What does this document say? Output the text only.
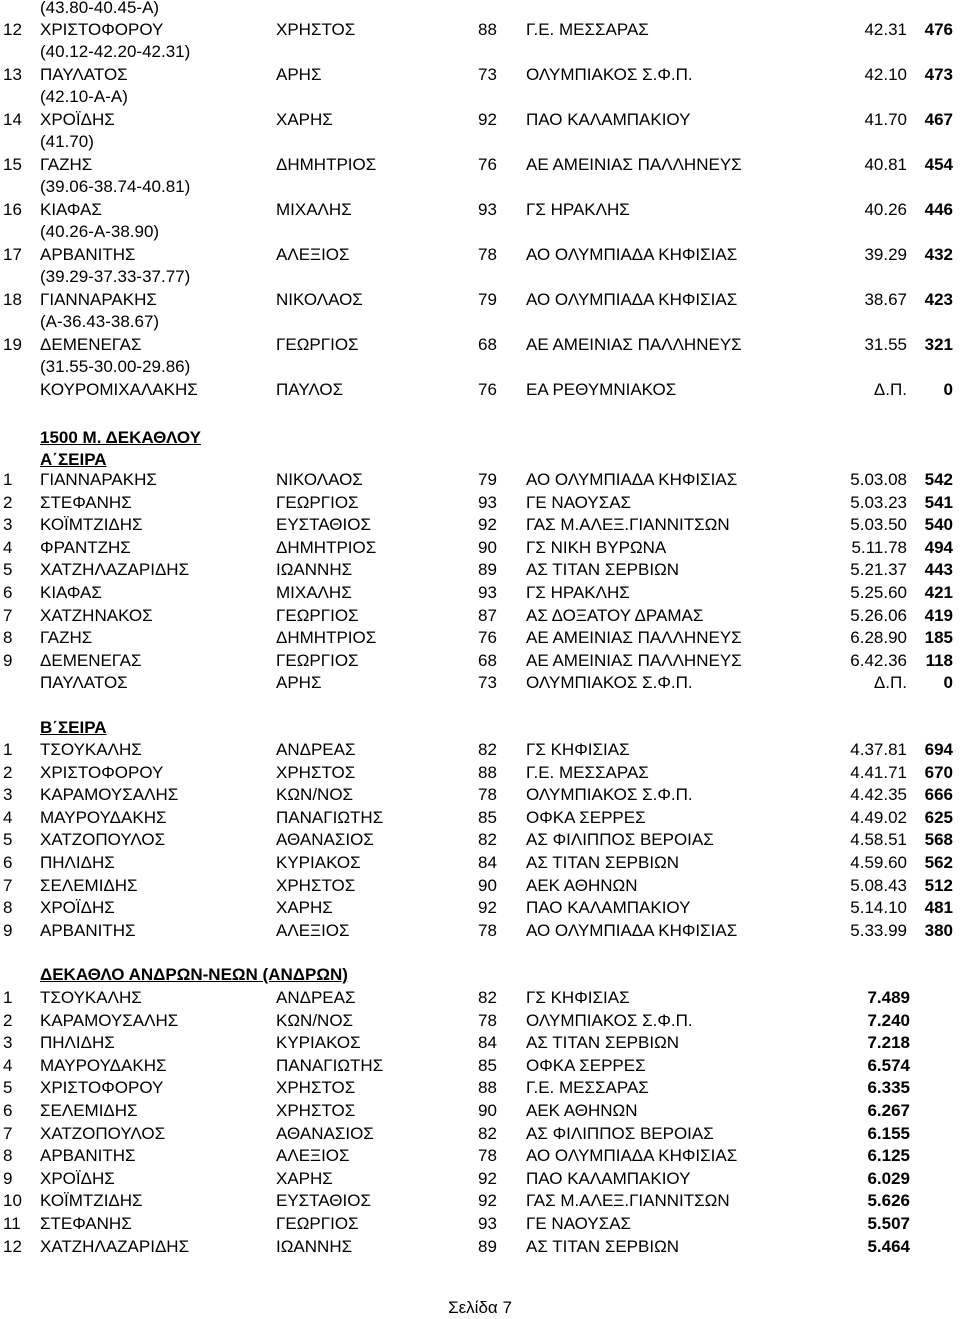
(43.80-40.45-Α)
12 ΧΡΙΣΤΟΦΟΡΟΥ	ΧΡΗΣΤΟΣ	88 Γ.Ε. ΜΕΣΣΑΡΑΣ	42.31 476
(40.12-42.20-42.31)
13 ΠΑΥΛΑΤΟΣ	ΑΡΗΣ	73 ΟΛΥΜΠΙΑΚΟΣ Σ.Φ.Π.	42.10 473
(42.10-Α-Α)
14 ΧΡΟΪΔΗΣ	ΧΑΡΗΣ	92 ΠΑΟ ΚΑΛΑΜΠΑΚΙΟΥ	41.70 467
(41.70)
15 ΓΑΖΗΣ	ΔΗΜΗΤΡΙΟΣ	76 ΑΕ ΑΜΕΙΝΙΑΣ ΠΑΛΛΗΝΕΥΣ	40.81 454
(39.06-38.74-40.81)
16 ΚΙΑΦΑΣ	ΜΙΧΑΛΗΣ	93 ΓΣ ΗΡΑΚΛΗΣ	40.26 446
(40.26-Α-38.90)
17 ΑΡΒΑΝΙΤΗΣ	ΑΛΕΞΙΟΣ	78 ΑΟ ΟΛΥΜΠΙΑΔΑ ΚΗΦΙΣΙΑΣ	39.29 432
(39.29-37.33-37.77)
18 ΓΙΑΝΝΑΡΑΚΗΣ	ΝΙΚΟΛΑΟΣ	79 ΑΟ ΟΛΥΜΠΙΑΔΑ ΚΗΦΙΣΙΑΣ	38.67 423
(Α-36.43-38.67)
19 ΔΕΜΕΝΕΓΑΣ	ΓΕΩΡΓΙΟΣ	68 ΑΕ ΑΜΕΙΝΙΑΣ ΠΑΛΛΗΝΕΥΣ	31.55 321
(31.55-30.00-29.86)
ΚΟΥΡΟΜΙΧΑΛΑΚΗΣ	ΠΑΥΛΟΣ	76 ΕΑ ΡΕΘΥΜΝΙΑΚΟΣ	Δ.Π. 0
1500 Μ. ΔΕΚΑΘΛΟΥ
Α΄ΣΕΙΡΑ
1 ΓΙΑΝΝΑΡΑΚΗΣ	ΝΙΚΟΛΑΟΣ	79 ΑΟ ΟΛΥΜΠΙΑΔΑ ΚΗΦΙΣΙΑΣ	5.03.08 542
2 ΣΤΕΦΑΝΗΣ	ΓΕΩΡΓΙΟΣ	93 ΓΕ ΝΑΟΥΣΑΣ	5.03.23 541
3 ΚΟΪΜΤΖΙΔΗΣ	ΕΥΣΤΑΘΙΟΣ	92 ΓΑΣ Μ.ΑΛΕΞ.ΓΙΑΝΝΙΤΣΩΝ	5.03.50 540
4 ΦΡΑΝΤΖΗΣ	ΔΗΜΗΤΡΙΟΣ	90 ΓΣ ΝΙΚΗ ΒΥΡΩΝΑ	5.11.78 494
5 ΧΑΤΖΗΛΑΖΑΡΙΔΗΣ	ΙΩΑΝΝΗΣ	89 ΑΣ ΤΙΤΑΝ ΣΕΡΒΙΩΝ	5.21.37 443
6 ΚΙΑΦΑΣ	ΜΙΧΑΛΗΣ	93 ΓΣ ΗΡΑΚΛΗΣ	5.25.60 421
7 ΧΑΤΖΗΝΑΚΟΣ	ΓΕΩΡΓΙΟΣ	87 ΑΣ ΔΟΞΑΤΟΥ ΔΡΑΜΑΣ	5.26.06 419
8 ΓΑΖΗΣ	ΔΗΜΗΤΡΙΟΣ	76 ΑΕ ΑΜΕΙΝΙΑΣ ΠΑΛΛΗΝΕΥΣ	6.28.90 185
9 ΔΕΜΕΝΕΓΑΣ	ΓΕΩΡΓΙΟΣ	68 ΑΕ ΑΜΕΙΝΙΑΣ ΠΑΛΛΗΝΕΥΣ	6.42.36 118
ΠΑΥΛΑΤΟΣ	ΑΡΗΣ	73 ΟΛΥΜΠΙΑΚΟΣ Σ.Φ.Π.	Δ.Π. 0
Β΄ΣΕΙΡΑ
1 ΤΣΟΥΚΑΛΗΣ	ΑΝΔΡΕΑΣ	82 ΓΣ ΚΗΦΙΣΙΑΣ	4.37.81 694
2 ΧΡΙΣΤΟΦΟΡΟΥ	ΧΡΗΣΤΟΣ	88 Γ.Ε. ΜΕΣΣΑΡΑΣ	4.41.71 670
3 ΚΑΡΑΜΟΥΣΑΛΗΣ	ΚΩΝ/ΝΟΣ	78 ΟΛΥΜΠΙΑΚΟΣ Σ.Φ.Π.	4.42.35 666
4 ΜΑΥΡΟΥΔΑΚΗΣ	ΠΑΝΑΓΙΩΤΗΣ	85 ΟΦΚΑ ΣΕΡΡΕΣ	4.49.02 625
5 ΧΑΤΖΟΠΟΥΛΟΣ	ΑΘΑΝΑΣΙΟΣ	82 ΑΣ ΦΙΛΙΠΠΟΣ ΒΕΡΟΙΑΣ	4.58.51 568
6 ΠΗΛΙΔΗΣ	ΚΥΡΙΑΚΟΣ	84 ΑΣ ΤΙΤΑΝ ΣΕΡΒΙΩΝ	4.59.60 562
7 ΣΕΛΕΜΙΔΗΣ	ΧΡΗΣΤΟΣ	90 ΑΕΚ ΑΘΗΝΩΝ	5.08.43 512
8 ΧΡΟΪΔΗΣ	ΧΑΡΗΣ	92 ΠΑΟ ΚΑΛΑΜΠΑΚΙΟΥ	5.14.10 481
9 ΑΡΒΑΝΙΤΗΣ	ΑΛΕΞΙΟΣ	78 ΑΟ ΟΛΥΜΠΙΑΔΑ ΚΗΦΙΣΙΑΣ	5.33.99 380
ΔΕΚΑΘΛΟ ΑΝΔΡΩΝ-ΝΕΩΝ (ΑΝΔΡΩΝ)
1 ΤΣΟΥΚΑΛΗΣ	ΑΝΔΡΕΑΣ	82 ΓΣ ΚΗΦΙΣΙΑΣ	7.489
2 ΚΑΡΑΜΟΥΣΑΛΗΣ	ΚΩΝ/ΝΟΣ	78 ΟΛΥΜΠΙΑΚΟΣ Σ.Φ.Π.	7.240
3 ΠΗΛΙΔΗΣ	ΚΥΡΙΑΚΟΣ	84 ΑΣ ΤΙΤΑΝ ΣΕΡΒΙΩΝ	7.218
4 ΜΑΥΡΟΥΔΑΚΗΣ	ΠΑΝΑΓΙΩΤΗΣ	85 ΟΦΚΑ ΣΕΡΡΕΣ	6.574
5 ΧΡΙΣΤΟΦΟΡΟΥ	ΧΡΗΣΤΟΣ	88 Γ.Ε. ΜΕΣΣΑΡΑΣ	6.335
6 ΣΕΛΕΜΙΔΗΣ	ΧΡΗΣΤΟΣ	90 ΑΕΚ ΑΘΗΝΩΝ	6.267
7 ΧΑΤΖΟΠΟΥΛΟΣ	ΑΘΑΝΑΣΙΟΣ	82 ΑΣ ΦΙΛΙΠΠΟΣ ΒΕΡΟΙΑΣ	6.155
8 ΑΡΒΑΝΙΤΗΣ	ΑΛΕΞΙΟΣ	78 ΑΟ ΟΛΥΜΠΙΑΔΑ ΚΗΦΙΣΙΑΣ	6.125
9 ΧΡΟΪΔΗΣ	ΧΑΡΗΣ	92 ΠΑΟ ΚΑΛΑΜΠΑΚΙΟΥ	6.029
10 ΚΟΪΜΤΖΙΔΗΣ	ΕΥΣΤΑΘΙΟΣ	92 ΓΑΣ Μ.ΑΛΕΞ.ΓΙΑΝΝΙΤΣΩΝ	5.626
11 ΣΤΕΦΑΝΗΣ	ΓΕΩΡΓΙΟΣ	93 ΓΕ ΝΑΟΥΣΑΣ	5.507
12 ΧΑΤΖΗΛΑΖΑΡΙΔΗΣ	ΙΩΑΝΝΗΣ	89 ΑΣ ΤΙΤΑΝ ΣΕΡΒΙΩΝ	5.464
Σελίδα 7
